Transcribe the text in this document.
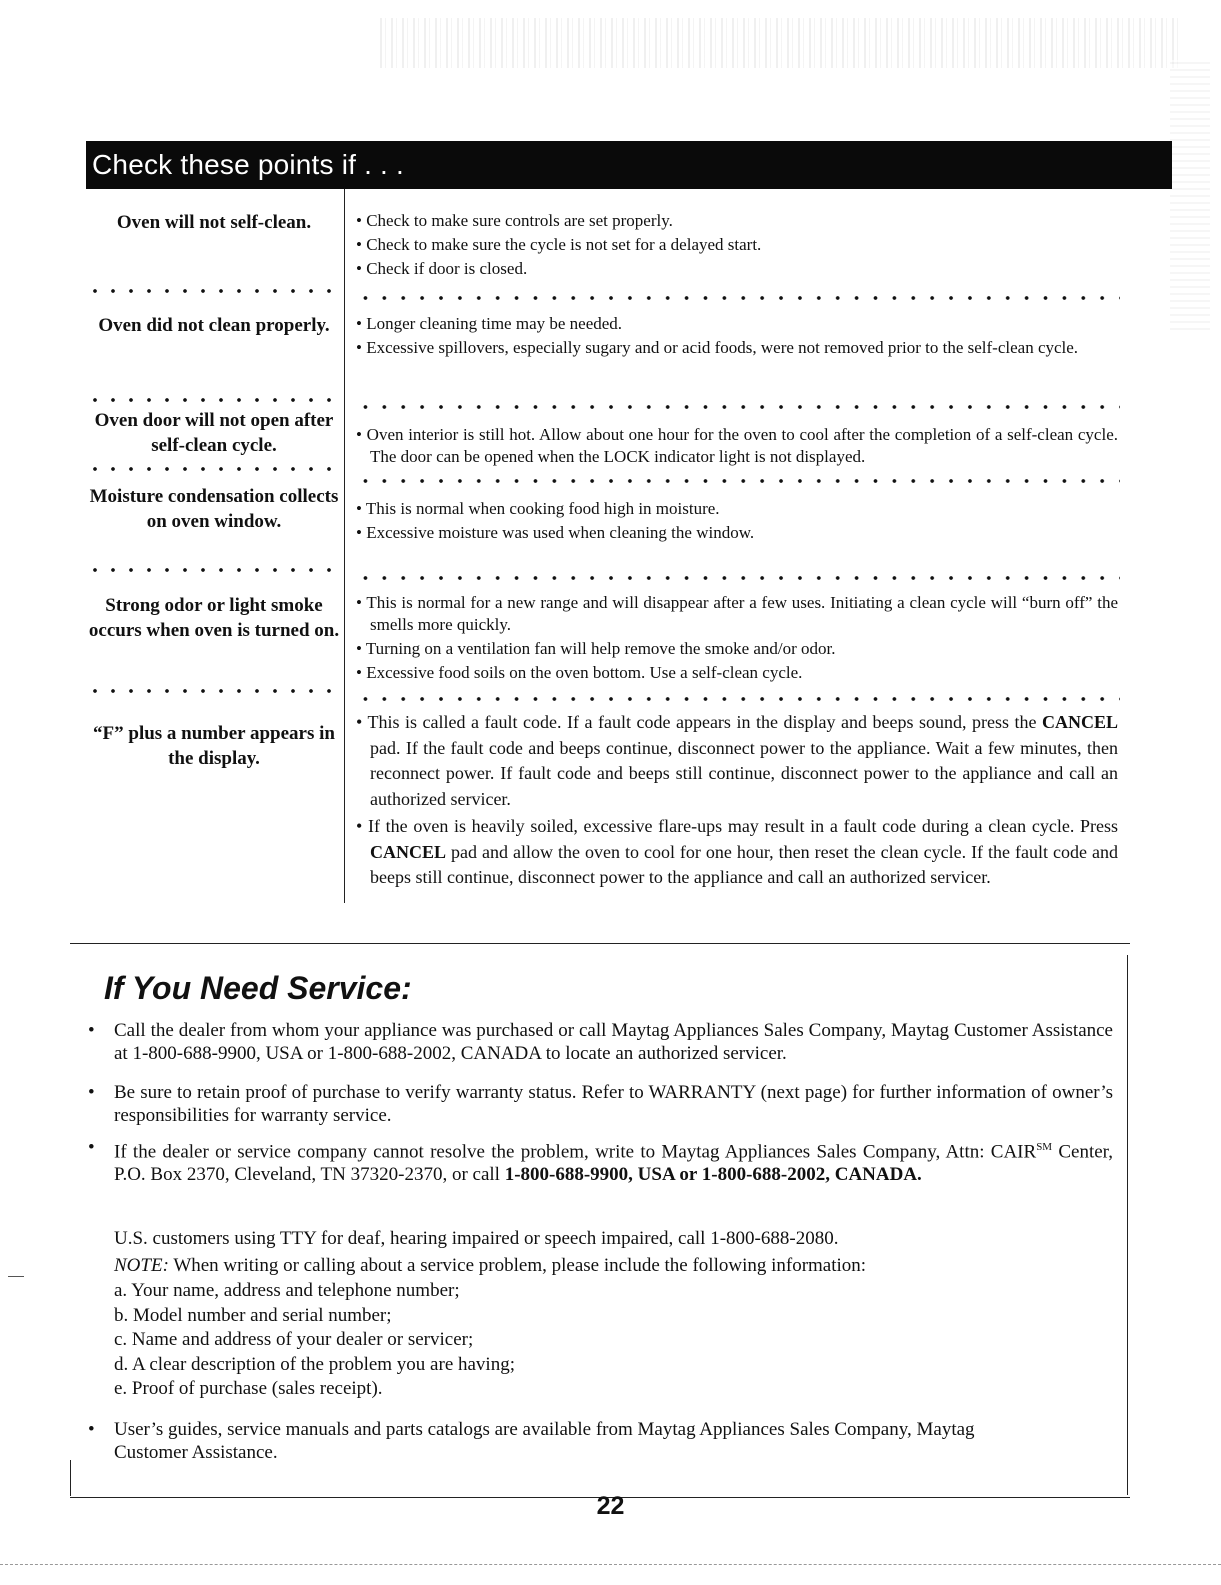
Check these points if . . .
Oven will not self-clean.	• Check to make sure controls are set properly.

• Check to make sure the cycle is not set for a delayed start.

• Check if door is closed.

Oven did not clean properly.	• Longer cleaning time may be needed.

• Excessive spillovers, especially sugary and or acid foods, were not removed prior to the self-clean cycle.

Oven door will not open after self-clean cycle.

• Oven interior is still hot. Allow about one hour for the oven to cool after the completion of a self-clean cycle. The door can be opened when the LOCK indicator light is not displayed.

Moisture condensation collects on oven window.

• This is normal when cooking food high in moisture.

• Excessive moisture was used when cleaning the window.

Strong odor or light smoke occurs when oven is turned on.

• This is normal for a new range and will disappear after a few uses. Initiating a clean cycle will “burn off” the smells more quickly.

• Turning on a ventilation fan will help remove the smoke and/or odor.

• Excessive food soils on the oven bottom. Use a self-clean cycle.

“F” plus a number appears in the display.

• This is called a fault code. If a fault code appears in the display and beeps sound, press the CANCEL pad. If the fault code and beeps continue, disconnect power to the appliance. Wait a few minutes, then reconnect power. If fault code and beeps still continue, disconnect power to the appliance and call an authorized servicer.

• If the oven is heavily soiled, excessive flare-ups may result in a fault code during a clean cycle. Press CANCEL pad and allow the oven to cool for one hour, then reset the clean cycle. If the fault code and beeps still continue, disconnect power to the appliance and call an authorized servicer.

If You Need Service:
• Call the dealer from whom your appliance was purchased or call Maytag Appliances Sales Company, Maytag Customer Assistance at 1-800-688-9900, USA or 1-800-688-2002, CANADA to locate an authorized servicer.
• Be sure to retain proof of purchase to verify warranty status. Refer to WARRANTY (next page) for further information of owner’s responsibilities for warranty service.
• If the dealer or service company cannot resolve the problem, write to Maytag Appliances Sales Company, Attn: CAIR℠ Center, P.O. Box 2370, Cleveland, TN 37320-2370, or call 1-800-688-9900, USA or 1-800-688-2002, CANADA.
U.S. customers using TTY for deaf, hearing impaired or speech impaired, call 1-800-688-2080.
NOTE: When writing or calling about a service problem, please include the following information:
a. Your name, address and telephone number;
b. Model number and serial number;
c. Name and address of your dealer or servicer;
d. A clear description of the problem you are having;
e. Proof of purchase (sales receipt).
• User’s guides, service manuals and parts catalogs are available from Maytag Appliances Sales Company, Maytag Customer Assistance.
22
